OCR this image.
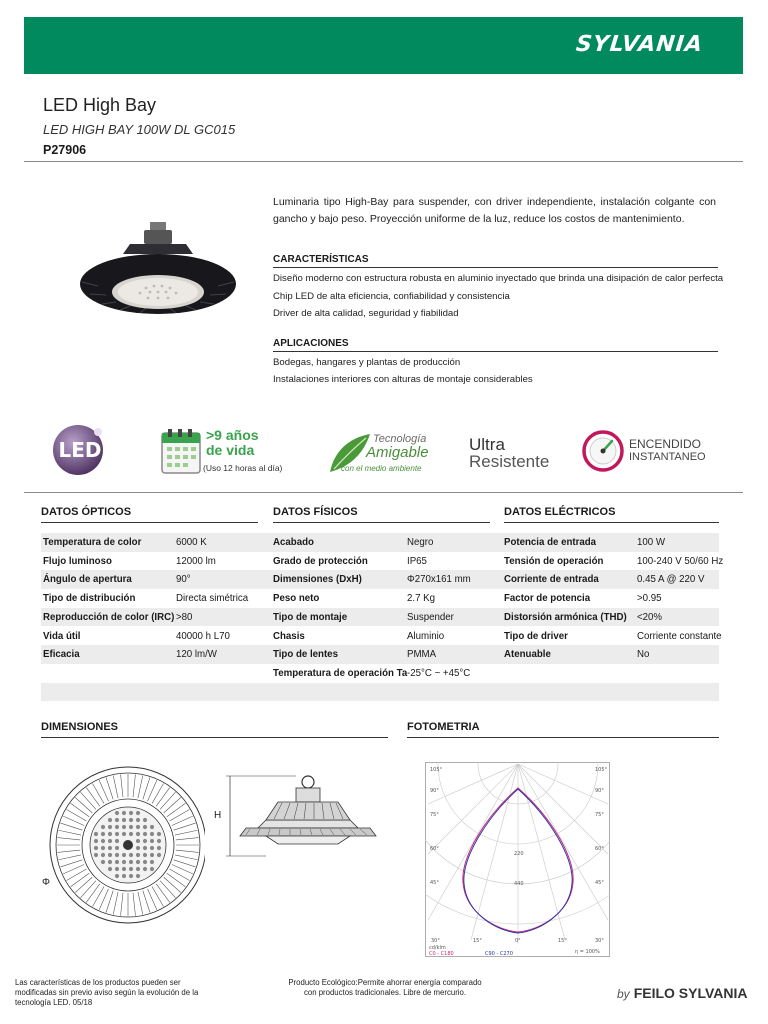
SYLVANIA
LED High Bay
LED HIGH BAY 100W DL GC015
P27906
Luminaria tipo High-Bay para suspender, con driver independiente, instalación colgante con gancho y bajo peso. Proyección uniforme de la luz, reduce los costos de mantenimiento.
CARACTERÍSTICAS
Diseño moderno con estructura robusta en aluminio inyectado que brinda una disipación de calor perfecta
Chip LED de alta eficiencia, confiabilidad y consistencia
Driver de alta calidad, seguridad y fiabilidad
APLICACIONES
Bodegas, hangares y plantas de producción
Instalaciones interiores con alturas de montaje considerables
LED
>9 años
de vida
(Uso 12 horas al día)
Tecnología
Amigable
con el medio ambiente
Ultra
Resistente
ENCENDIDO
INSTANTANEO
DATOS ÓPTICOS	DATOS FÍSICOS	DATOS ELÉCTRICOS
Temperatura de color	6000 K	Acabado	Negro	Potencia de entrada	100 W
Flujo luminoso	12000 lm	Grado de protección	IP65	Tensión de operación	100-240 V 50/60 Hz
Ángulo de apertura	90°	Dimensiones (DxH)	Φ270x161 mm	Corriente de entrada	0.45 A @ 220 V
Tipo de distribución	Directa simétrica	Peso neto	2.7 Kg	Factor de potencia	>0.95
Reproducción de color (IRC) >80	Tipo de montaje	Suspender	Distorsión armónica (THD) <20%
Vida útil	40000 h L70	Chasis	Aluminio	Tipo de driver	Corriente constante
Eficacia	120 lm/W	Tipo de lentes	PMMA	Atenuable	No
Temperatura de operación Ta -25°C ~ +45°C
DIMENSIONES
Φ
H
FOTOMETRIA
105°
90°
75°
60°
45°
105°
90°
75°
60°
45°
30°	15°	0°	15°	30°
220
440
cd/klm
C0 - C180	C90 - C270	η = 100%
Las características de los productos pueden ser modificadas sin previo aviso según la evolución de la tecnología LED. 05/18
Producto Ecológico:Permite ahorrar energía comparado con productos tradicionales. Libre de mercurio.	by FEILO SYLVANIA
